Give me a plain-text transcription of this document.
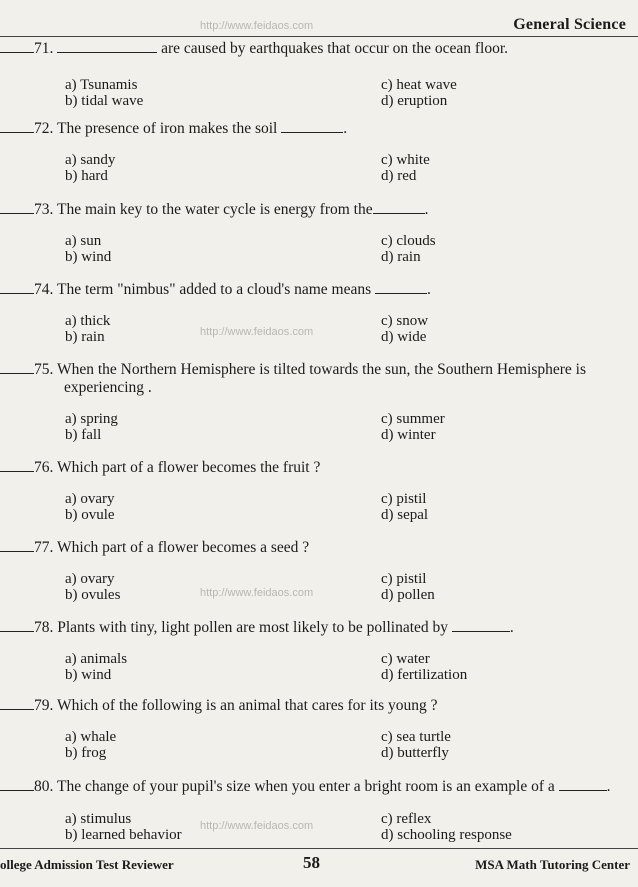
General Science
http://www.feidaos.com
http://www.feidaos.com
http://www.feidaos.com
http://www.feidaos.com
71.	are caused by earthquakes that occur on the ocean floor.
a) Tsunamis
b) tidal wave
c) heat wave
d) eruption
72. The presence of iron makes the soil	.
a) sandy
b) hard
c) white
d) red
73. The main key to the water cycle is energy from the	.
a) sun
b) wind
c) clouds
d) rain
74. The term "nimbus" added to a cloud's name means	.
a) thick
b) rain
c) snow
d) wide
75. When the Northern Hemisphere is tilted towards the sun, the Southern Hemisphere is
experiencing .
a) spring
b) fall
c) summer
d) winter
76. Which part of a flower becomes the fruit ?
a) ovary
b) ovule
c) pistil
d) sepal
77. Which part of a flower becomes a seed ?
a) ovary
b) ovules
c) pistil
d) pollen
78. Plants with tiny, light pollen are most likely to be pollinated by	.
a) animals
b) wind
c) water
d) fertilization
79. Which of the following is an animal that cares for its young ?
a) whale
b) frog
c) sea turtle
d) butterfly
80. The change of your pupil's size when you enter a bright room is an example of a	.
a) stimulus
b) learned behavior
c) reflex
d) schooling response
ollege Admission Test Reviewer	58	MSA Math Tutoring Center
